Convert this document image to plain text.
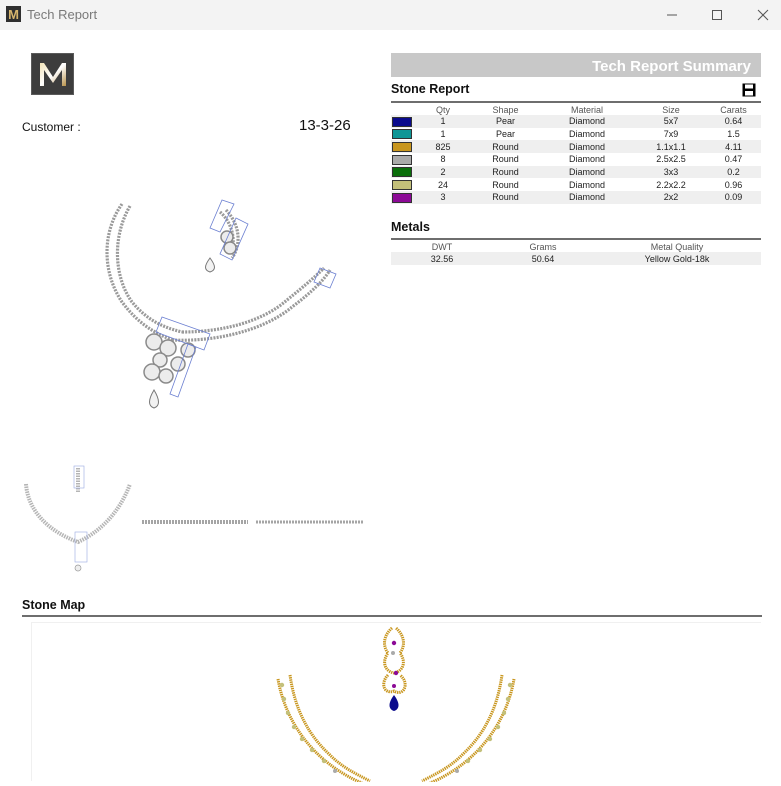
M Tech Report
Customer :	13-3-26
Tech Report Summary
Stone Report
	Qty	Shape	Material	Size	Carats
	1	Pear	Diamond	5x7	0.64
	1	Pear	Diamond	7x9	1.5
	825	Round	Diamond	1.1x1.1	4.11
	8	Round	Diamond	2.5x2.5	0.47
	2	Round	Diamond	3x3	0.2
	24	Round	Diamond	2.2x2.2	0.96
	3	Round	Diamond	2x2	0.09
Metals
DWT	Grams	Metal Quality
32.56	50.64	Yellow Gold-18k
Stone Map
